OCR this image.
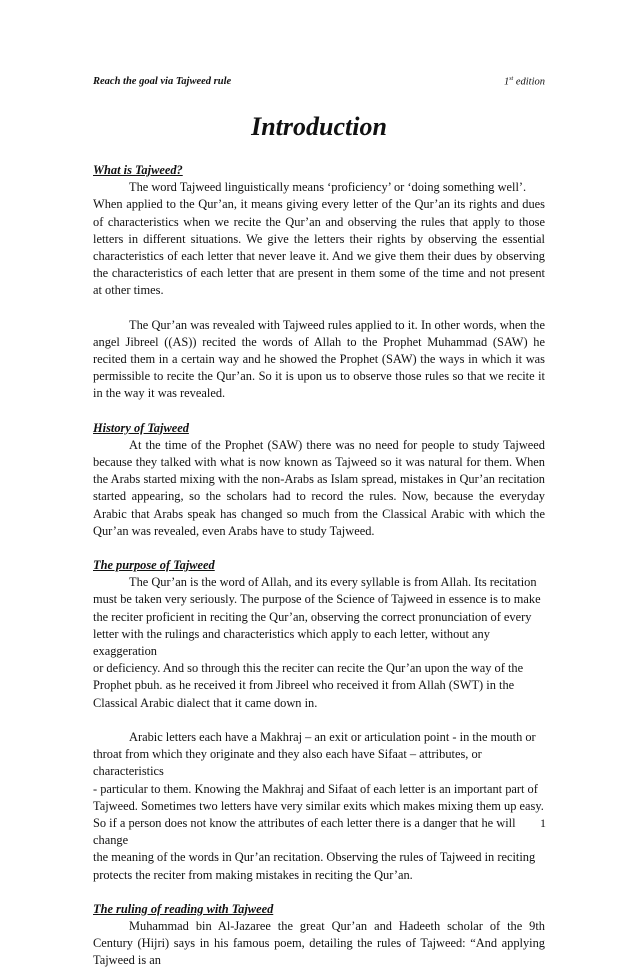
Reach the goal via Tajweed rule	1st edition
Introduction
What is Tajweed?

The word Tajweed linguistically means ‘proficiency’ or ‘doing something well’.

When applied to the Qur’an, it means giving every letter of the Qur’an its rights and dues of characteristics when we recite the Qur’an and observing the rules that apply to those letters in different situations. We give the letters their rights by observing the essential characteristics of each letter that never leave it. And we give them their dues by observing the characteristics of each letter that are present in them some of the time and not present at other times.

The Qur’an was revealed with Tajweed rules applied to it. In other words, when the angel Jibreel ((AS)) recited the words of Allah to the Prophet Muhammad (SAW) he recited them in a certain way and he showed the Prophet (SAW) the ways in which it was permissible to recite the Qur’an. So it is upon us to observe those rules so that we recite it in the way it was revealed.

History of Tajweed

At the time of the Prophet (SAW) there was no need for people to study Tajweed because they talked with what is now known as Tajweed so it was natural for them. When the Arabs started mixing with the non-Arabs as Islam spread, mistakes in Qur’an recitation started appearing, so the scholars had to record the rules. Now, because the everyday Arabic that Arabs speak has changed so much from the Classical Arabic with which the Qur’an was revealed, even Arabs have to study Tajweed.

The purpose of Tajweed
The Qur’an is the word of Allah, and its every syllable is from Allah. Its recitation
must be taken very seriously. The purpose of the Science of Tajweed in essence is to make
the reciter proficient in reciting the Qur’an, observing the correct pronunciation of every
letter with the rulings and characteristics which apply to each letter, without any exaggeration
or deficiency. And so through this the reciter can recite the Qur’an upon the way of the
Prophet pbuh. as he received it from Jibreel who received it from Allah (SWT) in the
Classical Arabic dialect that it came down in.
Arabic letters each have a Makhraj – an exit or articulation point - in the mouth or
throat from which they originate and they also each have Sifaat – attributes, or characteristics
- particular to them. Knowing the Makhraj and Sifaat of each letter is an important part of
Tajweed. Sometimes two letters have very similar exits which makes mixing them up easy.
So if a person does not know the attributes of each letter there is a danger that he will change
the meaning of the words in Qur’an recitation. Observing the rules of Tajweed in reciting
protects the reciter from making mistakes in reciting the Qur’an.
The ruling of reading with Tajweed

Muhammad bin Al-Jazaree the great Qur’an and Hadeeth scholar of the 9th Century (Hijri) says in his famous poem, detailing the rules of Tajweed: “And applying Tajweed is an

1
